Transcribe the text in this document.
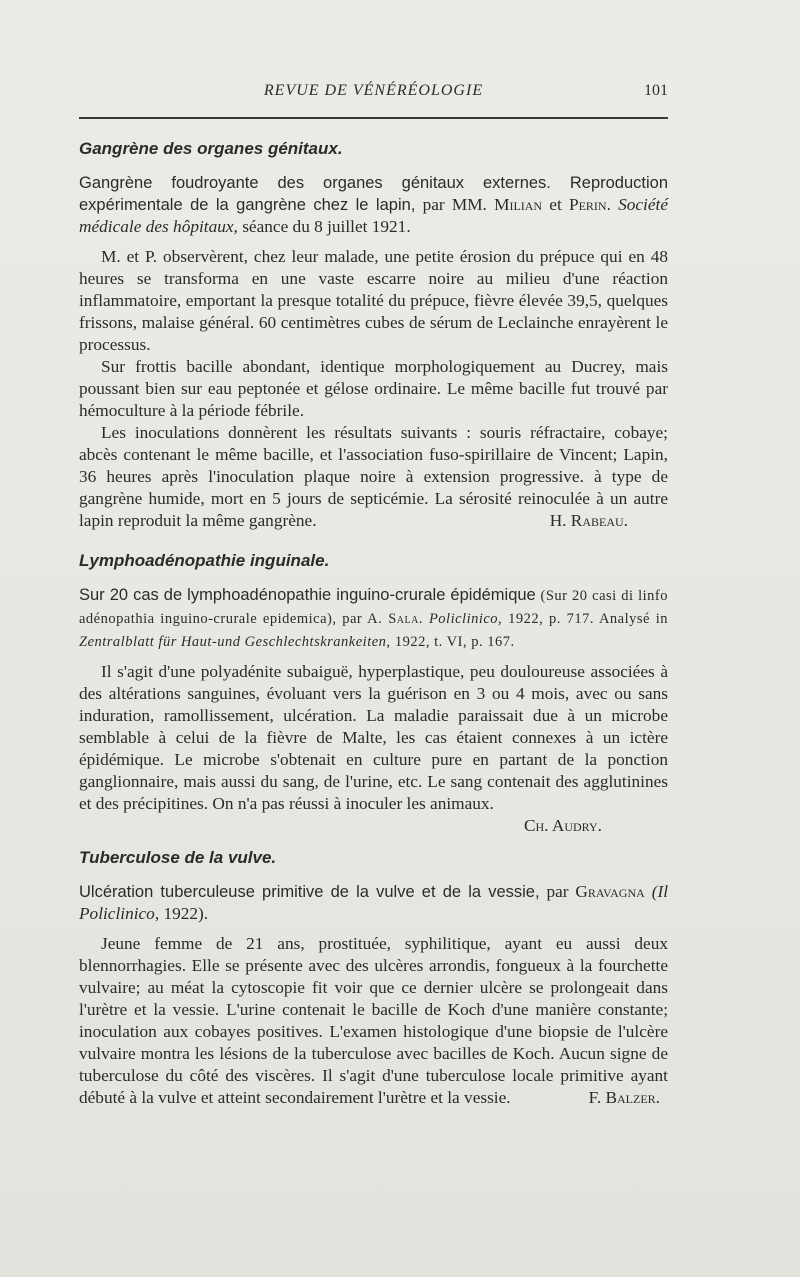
REVUE DE VÉNÉRÉOLOGIE	101
Gangrène des organes génitaux.
Gangrène foudroyante des organes génitaux externes. Reproduction expérimentale de la gangrène chez le lapin, par MM. Milian et Perin. Société médicale des hôpitaux, séance du 8 juillet 1921.

M. et P. observèrent, chez leur malade, une petite érosion du prépuce qui en 48 heures se transforma en une vaste escarre noire au milieu d'une réaction inflammatoire, emportant la presque totalité du prépuce, fièvre élevée 39,5, quelques frissons, malaise général. 60 centimètres cubes de sérum de Leclainche enrayèrent le processus.

Sur frottis bacille abondant, identique morphologiquement au Ducrey, mais poussant bien sur eau peptonée et gélose ordinaire. Le même bacille fut trouvé par hémoculture à la période fébrile.

Les inoculations donnèrent les résultats suivants : souris réfractaire, cobaye; abcès contenant le même bacille, et l'association fuso-spirillaire de Vincent; Lapin, 36 heures après l'inoculation plaque noire à extension progressive. à type de gangrène humide, mort en 5 jours de septicémie. La sérosité reinoculée à un autre lapin reproduit la même gangrène.	H. Rabeau.
Lymphoadénopathie inguinale.
Sur 20 cas de lymphoadénopathie inguino-crurale épidémique (Sur 20 casi di linfo adénopathia inguino-crurale epidemica), par A. Sala. Policlinico, 1922, p. 717. Analysé in Zentralblatt für Haut-und Geschlechtskrankeiten, 1922, t. VI, p. 167.

Il s'agit d'une polyadénite subaiguë, hyperplastique, peu douloureuse associées à des altérations sanguines, évoluant vers la guérison en 3 ou 4 mois, avec ou sans induration, ramollissement, ulcération. La maladie paraissait due à un microbe semblable à celui de la fièvre de Malte, les cas étaient connexes à un ictère épidémique. Le microbe s'obtenait en culture pure en partant de la ponction ganglionnaire, mais aussi du sang, de l'urine, etc. Le sang contenait des agglutinines et des précipitines. On n'a pas réussi à inoculer les animaux.

Ch. Audry.
Tuberculose de la vulve.
Ulcération tuberculeuse primitive de la vulve et de la vessie, par Gravagna (Il Policlinico, 1922).

Jeune femme de 21 ans, prostituée, syphilitique, ayant eu aussi deux blennorrhagies. Elle se présente avec des ulcères arrondis, fongueux à la fourchette vulvaire; au méat la cytoscopie fit voir que ce dernier ulcère se prolongeait dans l'urètre et la vessie. L'urine contenait le bacille de Koch d'une manière constante; inoculation aux cobayes positives. L'examen histologique d'une biopsie de l'ulcère vulvaire montra les lésions de la tuberculose avec bacilles de Koch. Aucun signe de tuberculose du côté des viscères. Il s'agit d'une tuberculose locale primitive ayant débuté à la vulve et atteint secondairement l'urètre et la vessie.	F. Balzer.
